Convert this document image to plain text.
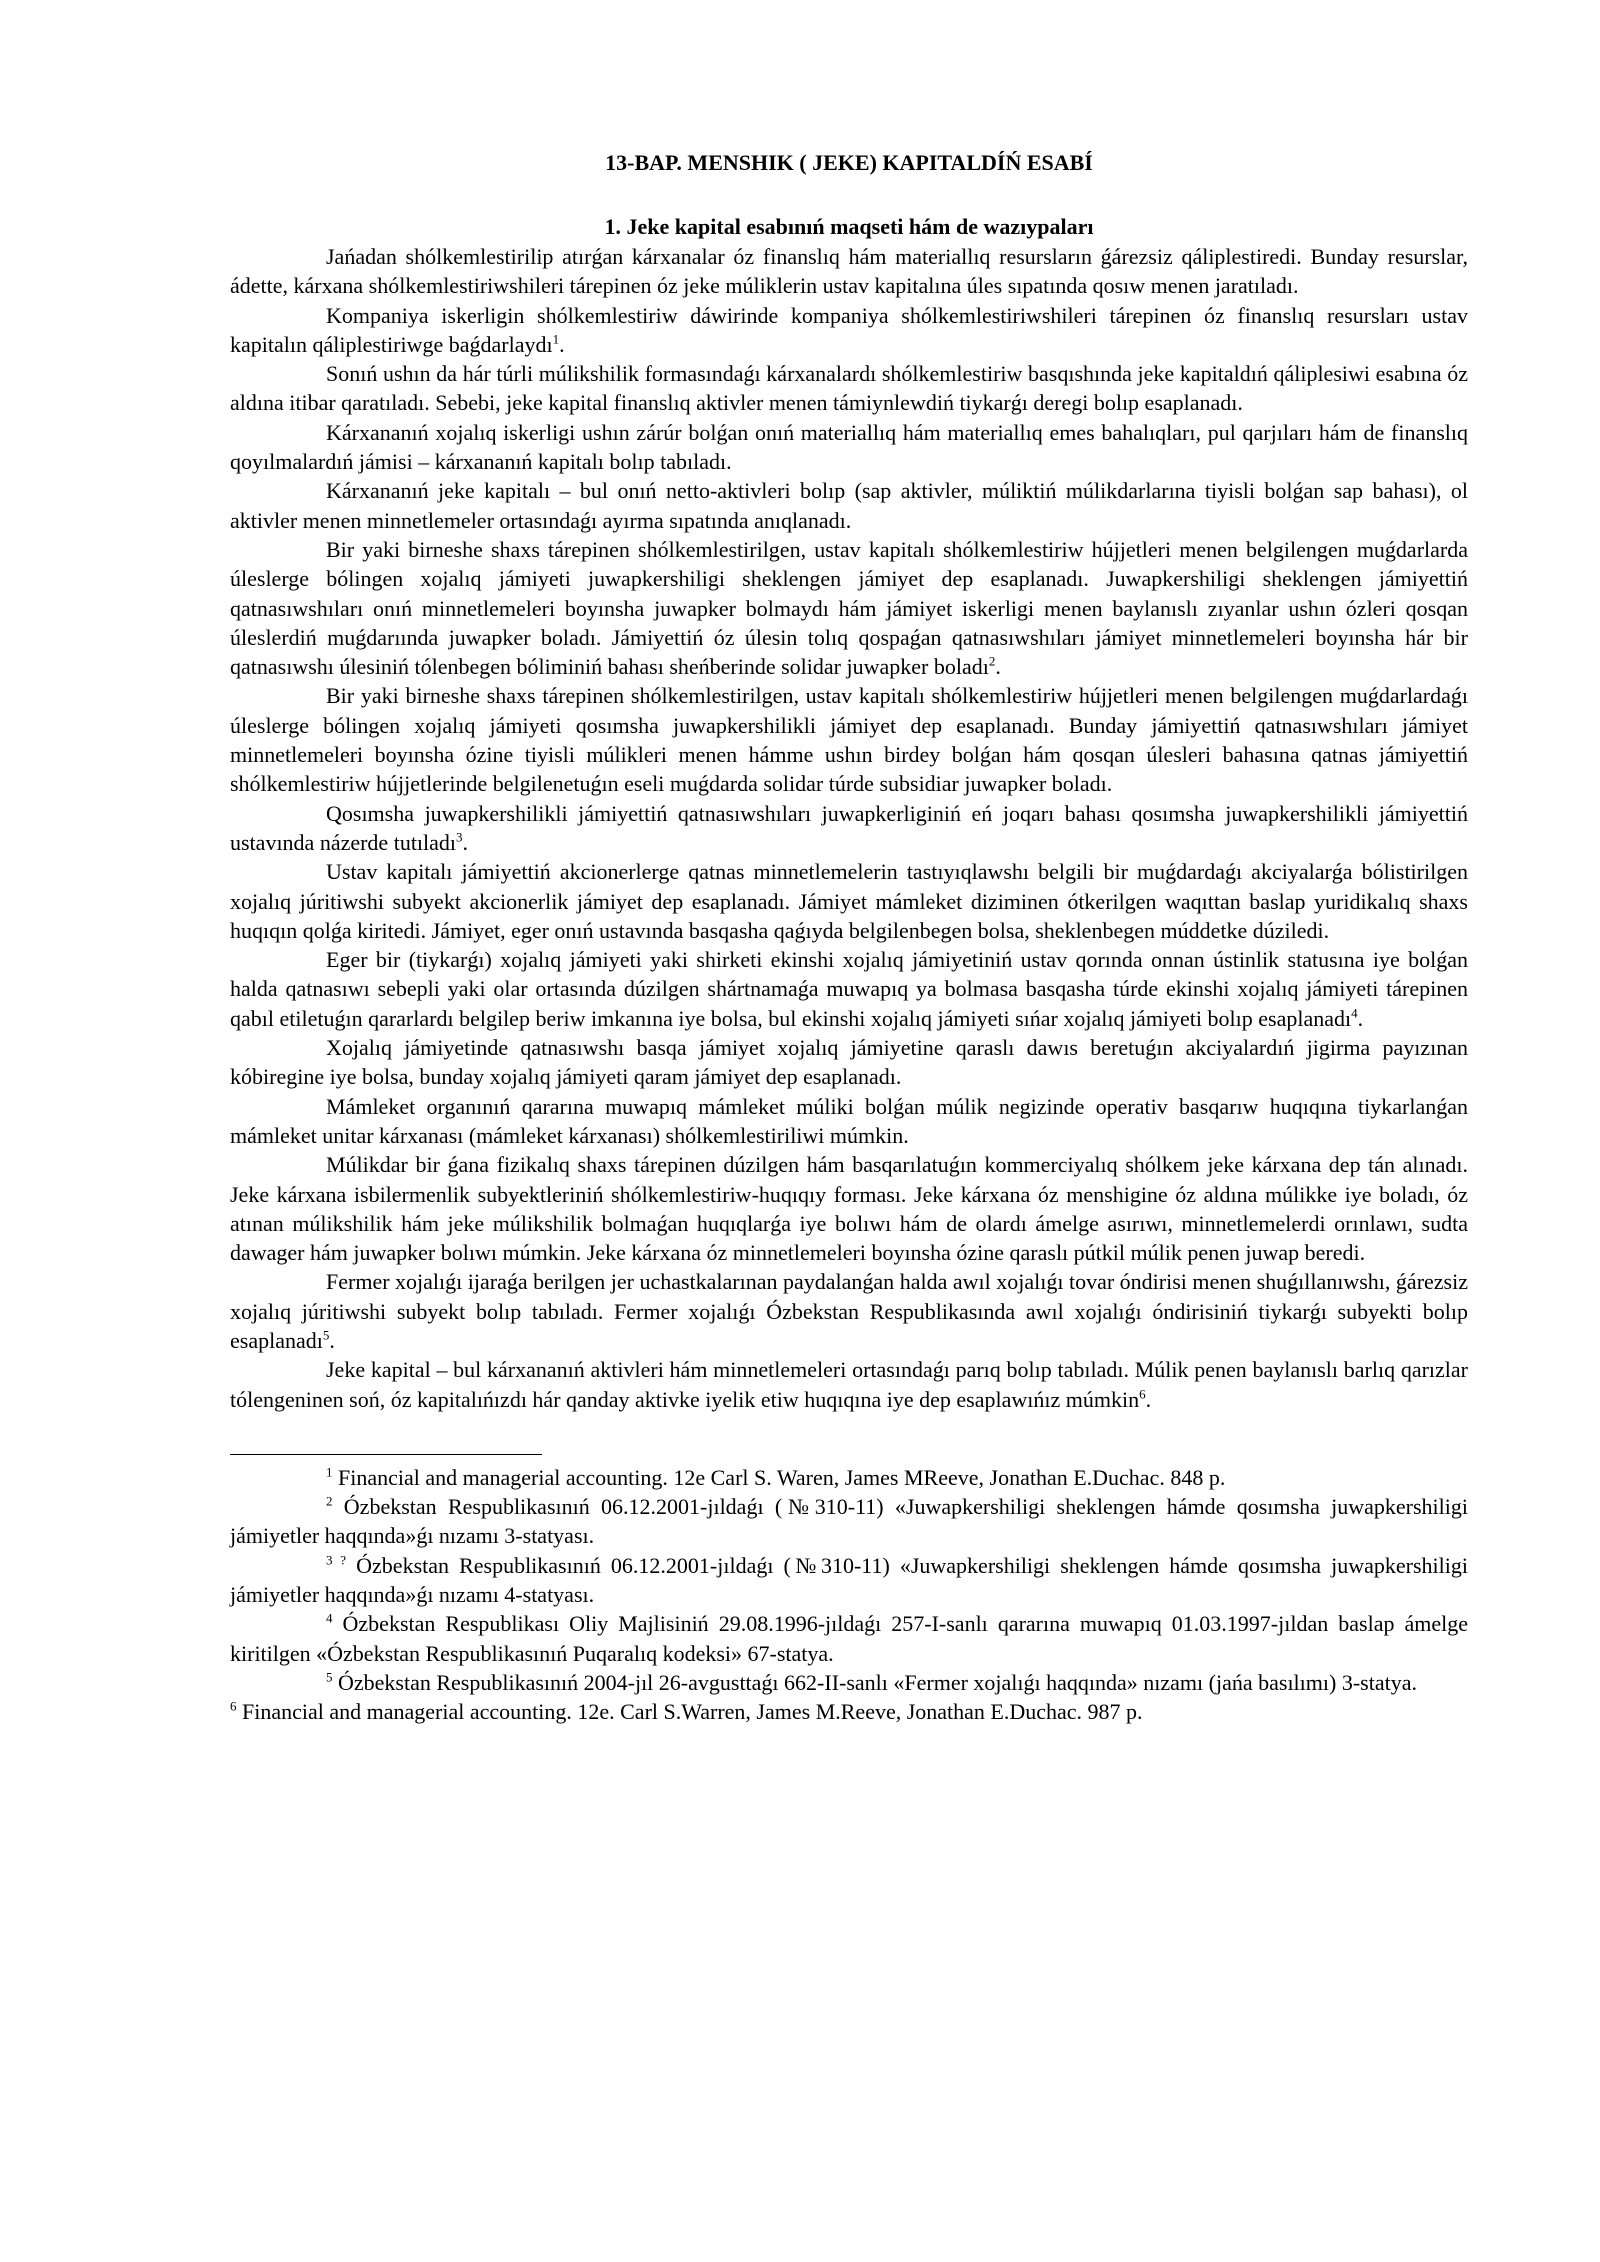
13-BAP. MENSHIK ( JEKE) KAPITALDÍŃ ESABÍ
1. Jeke kapital esabınıń maqseti hám de wazıypaları

Jańadan shólkemlestirilip atırǵan kárxanalar óz finanslıq hám materiallıq resursların ǵárezsiz qáliplestiredi. Bunday resurslar, ádette, kárxana shólkemlestiriwshileri tárepinen óz jeke múliklerin ustav kapitalına úles sıpatında qosıw menen jaratıladı.

Kompaniya iskerligin shólkemlestiriw dáwirinde kompaniya shólkemlestiriwshileri tárepinen óz finanslıq resursları ustav kapitalın qáliplestiriwge baǵdarlaydı$^1$.

Sonıń ushın da hár túrli múlikshilik formasındaǵı kárxanalardı shólkemlestiriw basqıshında jeke kapitaldıń qáliplesiwi esabına óz aldına itibar qaratıladı. Sebebi, jeke kapital finanslıq aktivler menen támiynlewdiń tiykarǵı deregi bolıp esaplanadı.

Kárxananıń xojalıq iskerligi ushın zárúr bolǵan onıń materiallıq hám materiallıq emes bahalıqları, pul qarjıları hám de finanslıq qoyılmalardıń jámisi – kárxananıń kapitalı bolıp tabıladı.

Kárxananıń jeke kapitalı – bul onıń netto-aktivleri bolıp (sap aktivler, múliktiń múlikdarlarına tiyisli bolǵan sap bahası), ol aktivler menen minnetlemeler ortasındaǵı ayırma sıpatında anıqlanadı.

Bir yaki birneshe shaxs tárepinen shólkemlestirilgen, ustav kapitalı shólkemlestiriw hújjetleri menen belgilengen muǵdarlarda úleslerge bólingen xojalıq jámiyeti juwapkershiligi sheklengen jámiyet dep esaplanadı. Juwapkershiligi sheklengen jámiyettiń qatnasıwshıları onıń minnetlemeleri boyınsha juwapker bolmaydı hám jámiyet iskerligi menen baylanıslı zıyanlar ushın ózleri qosqan úleslerdiń muǵdarıında juwapker boladı. Jámiyettiń óz úlesin tolıq qospaǵan qatnasıwshıları jámiyet minnetlemeleri boyınsha hár bir qatnasıwshı úlesiniń tólenbegen bóliminiń bahası sheńberinde solidar juwapker boladı$^2$.

Bir yaki birneshe shaxs tárepinen shólkemlestirilgen, ustav kapitalı shólkemlestiriw hújjetleri menen belgilengen muǵdarlardaǵı úleslerge bólingen xojalıq jámiyeti qosımsha juwapkershilikli jámiyet dep esaplanadı. Bunday jámiyettiń qatnasıwshıları jámiyet minnetlemeleri boyınsha ózine tiyisli múlikleri menen hámme ushın birdey bolǵan hám qosqan úlesleri bahasına qatnas jámiyettiń shólkemlestiriw hújjetlerinde belgilenetuǵın eseli muǵdarda solidar túrde subsidiar juwapker boladı.

Qosımsha juwapkershilikli jámiyettiń qatnasıwshıları juwapkerliginiń eń joqarı bahası qosımsha juwapkershilikli jámiyettiń ustavında názerde tutıladı$^3$.

Ustav kapitalı jámiyettiń akcionerlerge qatnas minnetlemelerin tastıyıqlawshı belgili bir muǵdardaǵı akciyalarǵa bólistirilgen xojalıq júritiwshi subyekt akcionerlik jámiyet dep esaplanadı. Jámiyet mámleket diziminen ótkerilgen waqıttan baslap yuridikalıq shaxs huqıqın qolǵa kiritedi. Jámiyet, eger onıń ustavında basqasha qaǵıyda belgilenbegen bolsa, sheklenbegen múddetke dúziledi.

Eger bir (tiykarǵı) xojalıq jámiyeti yaki shirketi ekinshi xojalıq jámiyetiniń ustav qorında onnan ústinlik statusına iye bolǵan halda qatnasıwı sebepli yaki olar ortasında dúzilgen shártnamaǵa muwapıq ya bolmasa basqasha túrde ekinshi xojalıq jámiyeti tárepinen qabıl etiletuǵın qararlardı belgilep beriw imkanına iye bolsa, bul ekinshi xojalıq jámiyeti sıńar xojalıq jámiyeti bolıp esaplanadı$^4$.

Xojalıq jámiyetinde qatnasıwshı basqa jámiyet xojalıq jámiyetine qaraslı dawıs beretuǵın akciyalardıń jigirma payızınan kóbiregine iye bolsa, bunday xojalıq jámiyeti qaram jámiyet dep esaplanadı.

Mámleket organınıń qararına muwapıq mámleket múliki bolǵan múlik negizinde operativ basqarıw huqıqına tiykarlanǵan mámleket unitar kárxanası (mámleket kárxanası) shólkemlestiriliwi múmkin.

Múlikdar bir ǵana fizikalıq shaxs tárepinen dúzilgen hám basqarılatuǵın kommerciyalıq shólkem jeke kárxana dep tán alınadı. Jeke kárxana isbilermenlik subyektleriniń shólkemlestiriw-huqıqıy forması. Jeke kárxana óz menshigine óz aldına múlikke iye boladı, óz atınan múlikshilik hám jeke múlikshilik bolmaǵan huqıqlarǵa iye bolıwı hám de olardı ámelge asırıwı, minnetlemelerdi orınlawı, sudta dawager hám juwapker bolıwı múmkin. Jeke kárxana óz minnetlemeleri boyınsha ózine qaraslı pútkil múlik penen juwap beredi.

Fermer xojalıǵı ijaraǵa berilgen jer uchastkalarınan paydalanǵan halda awıl xojalıǵı tovar óndirisi menen shuǵıllanıwshı, ǵárezsiz xojalıq júritiwshi subyekt bolıp tabıladı. Fermer xojalıǵı Ózbekstan Respublikasında awıl xojalıǵı óndirisiniń tiykarǵı subyekti bolıp esaplanadı$^5$.

Jeke kapital – bul kárxananıń aktivleri hám minnetlemeleri ortasındaǵı parıq bolıp tabıladı. Múlik penen baylanıslı barlıq qarızlar tólengeninen soń, óz kapitalıńızdı hár qanday aktivke iyelik etiw huqıqına iye dep esaplawıńız múmkin$^6$.

$^1$ Financial and managerial accounting. 12e Carl S. Waren, James MReeve, Jonathan E.Duchac. 848 p.

$^2$ Ózbekstan Respublikasınıń 06.12.2001-jıldaǵı (№310-11) «Juwapkershiligi sheklengen hámde qosımsha juwapkershiligi jámiyetler haqqında»ǵı nızamı 3-statyası.

$^{3 ?}$ Ózbekstan Respublikasınıń 06.12.2001-jıldaǵı (№310-11) «Juwapkershiligi sheklengen hámde qosımsha juwapkershiligi jámiyetler haqqında»ǵı nızamı 4-statyası.

$^4$ Ózbekstan Respublikası Oliy Majlisiniń 29.08.1996-jıldaǵı 257-I-sanlı qararına muwapıq 01.03.1997-jıldan baslap ámelge kiritilgen «Ózbekstan Respublikasınıń Puqaralıq kodeksi» 67-statya.

$^5$ Ózbekstan Respublikasınıń 2004-jıl 26-avgusttaǵı 662-II-sanlı «Fermer xojalıǵı haqqında» nızamı (jańa basılımı) 3-statya.

$^6$ Financial and managerial accounting. 12e. Carl S.Warren, James M.Reeve, Jonathan E.Duchac. 987 p.
